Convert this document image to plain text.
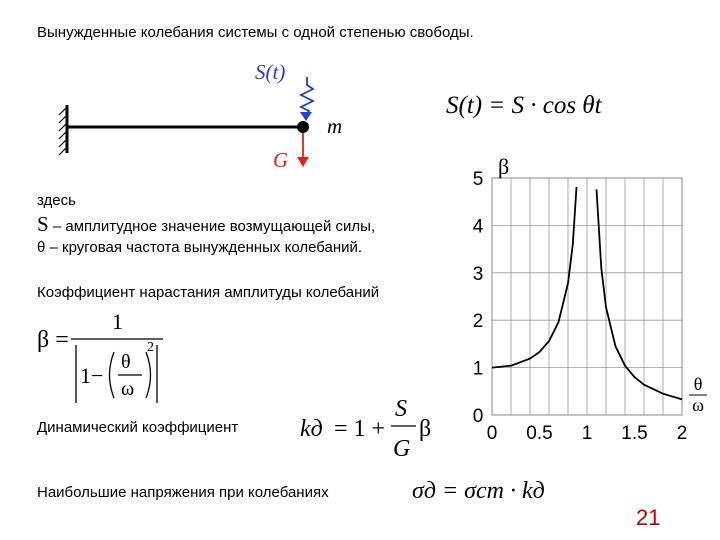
Вынужденные колебания системы с одной степенью свободы.
S(t)
m
G
S(t) = S · cos θt
здесь
S – амплитудное значение возмущающей силы,
θ – круговая частота вынужденных колебаний.
Коэффициент нарастания амплитуды колебаний
β =
1
1 −
θ
ω
2
Динамический коэффициент	kд = 1 +
S
G
β
Наибольшие напряжения при колебаниях	σд = σст · kд
0
1
2
3
4
5
0 0.5 1 1.5 2
β
θ
ω
21
